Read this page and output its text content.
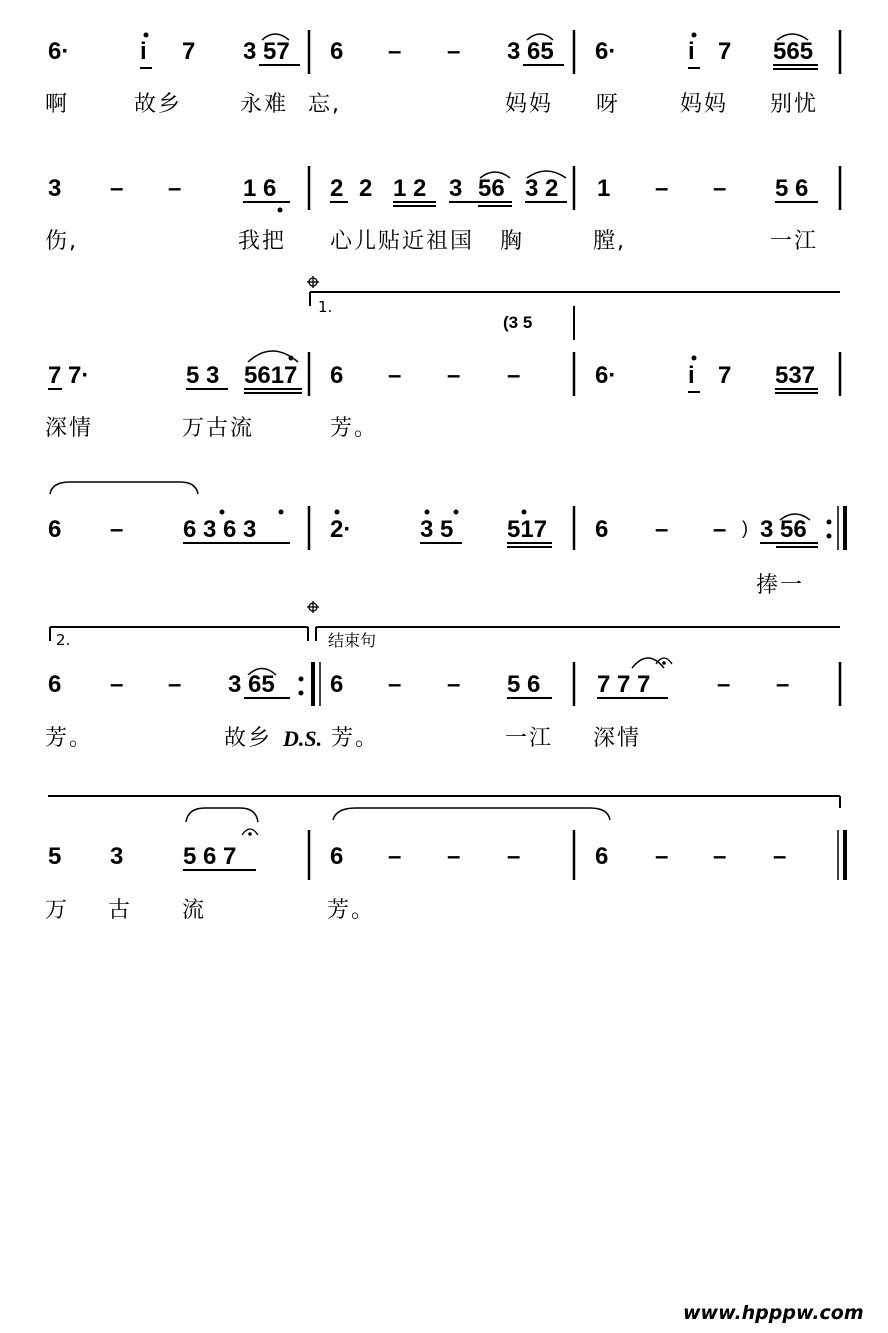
6·	i 7 3 57 6 – – 3 65 6·	i 7 565
啊	故乡	永难 忘,	妈妈 呀	妈妈 别忧
3 – –	1 6 2 2 1 2 3 56 3 2 1 – – 5 6
伤,	我把 心儿贴近祖国 胸	膛,	一江
1.
(3 5
7 7·	5 3 5617 6 – – –	6·	i 7 537
深情	万古流	芳。
6 – 6 3 6 3	2·	3 5 517 6 – – ) 3 56
捧一
2.	结束句
6 – – 3 65 6 – – 5 6 7 7 7	– –
芳。	故乡 D.S. 芳。	一江 深情
5 3 5 6 7	6 – – –	6 – – –
万 古 流	芳。
www.hpppw.com
